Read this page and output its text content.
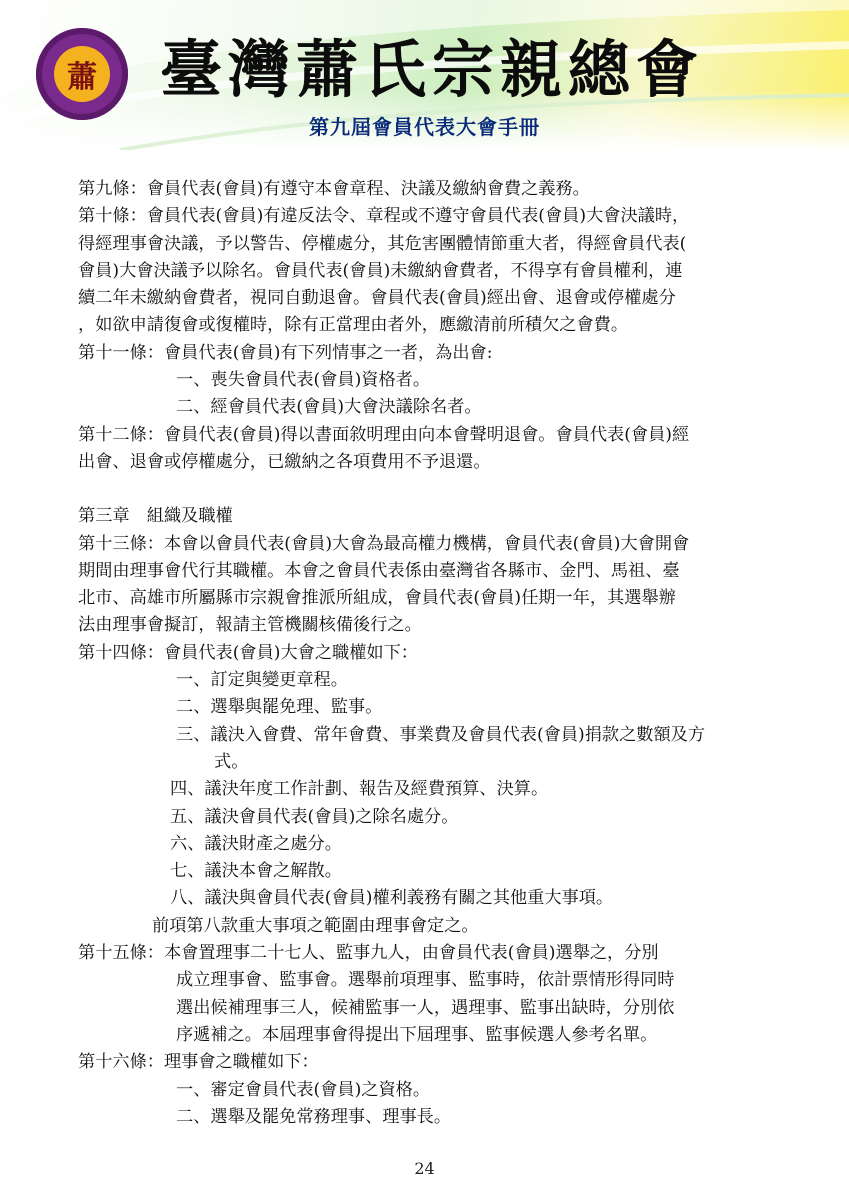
蕭 臺灣蕭氏宗親總會
第九屆會員代表大會手冊

第九條：會員代表(會員)有遵守本會章程、決議及繳納會費之義務。

第十條：會員代表(會員)有違反法令、章程或不遵守會員代表(會員)大會決議時，

得經理事會決議，予以警告、停權處分，其危害團體情節重大者，得經會員代表(

會員)大會決議予以除名。會員代表(會員)未繳納會費者，不得享有會員權利，連

續二年未繳納會費者，視同自動退會。會員代表(會員)經出會、退會或停權處分

，如欲申請復會或復權時，除有正當理由者外，應繳清前所積欠之會費。

第十一條：會員代表(會員)有下列情事之一者，為出會:

一、喪失會員代表(會員)資格者。

二、經會員代表(會員)大會決議除名者。

第十二條：會員代表(會員)得以書面敘明理由向本會聲明退會。會員代表(會員)經

出會、退會或停權處分，已繳納之各項費用不予退還。

第三章　組織及職權

第十三條：本會以會員代表(會員)大會為最高權力機構，會員代表(會員)大會開會

期間由理事會代行其職權。本會之會員代表係由臺灣省各縣市、金門、馬祖、臺

北市、高雄市所屬縣市宗親會推派所組成，會員代表(會員)任期一年，其選舉辦

法由理事會擬訂，報請主管機關核備後行之。

第十四條：會員代表(會員)大會之職權如下：

一、訂定與變更章程。

二、選舉與罷免理、監事。

三、議決入會費、常年會費、事業費及會員代表(會員)捐款之數額及方

式。

四、議決年度工作計劃、報告及經費預算、決算。

五、議決會員代表(會員)之除名處分。

六、議決財產之處分。

七、議決本會之解散。

八、議決與會員代表(會員)權利義務有關之其他重大事項。

前項第八款重大事項之範圍由理事會定之。

第十五條：本會置理事二十七人、監事九人，由會員代表(會員)選舉之，分別

成立理事會、監事會。選舉前項理事、監事時，依計票情形得同時

選出候補理事三人，候補監事一人，遇理事、監事出缺時，分別依

序遞補之。本屆理事會得提出下屆理事、監事候選人參考名單。

第十六條：理事會之職權如下：

一、審定會員代表(會員)之資格。

二、選舉及罷免常務理事、理事長。

24
